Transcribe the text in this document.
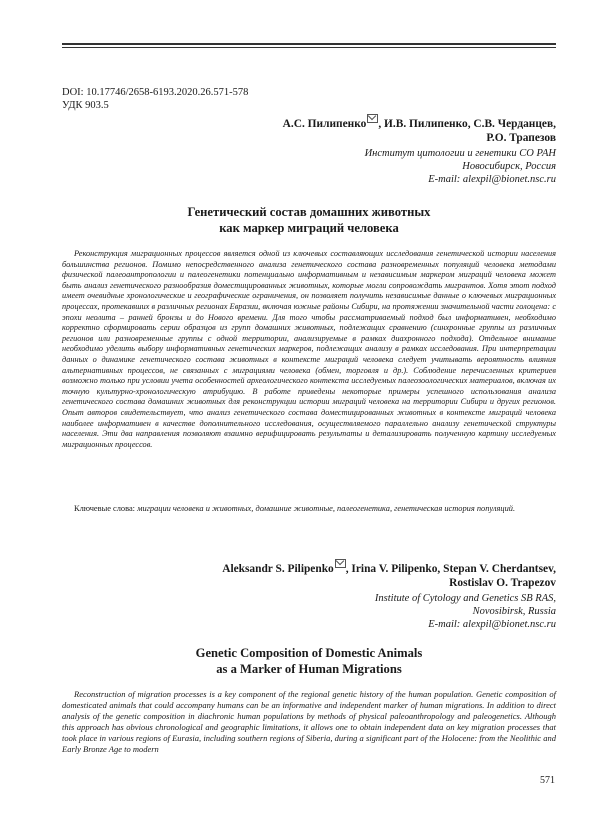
DOI: 10.17746/2658-6193.2020.26.571-578
УДК 903.5
А.С. Пилипенко , И.В. Пилипенко, С.В. Черданцев,
Р.О. Трапезов
Институт цитологии и генетики СО РАН
Новосибирск, Россия
E-mail: alexpil@bionet.nsc.ru
Генетический состав домашних животных
как маркер миграций человека

Реконструкция миграционных процессов является одной из ключевых составляющих исследования генетической истории населения большинства регионов. Помимо непосредственного анализа генетического состава разновременных популяций человека методами физической палеоантропологии и палеогенетики потенциально информативным и независимым маркером миграций человека может быть анализ генетического разнообразия доместицированных животных, которые могли сопровождать мигрантов. Хотя этот подход имеет очевидные хронологические и географические ограничения, он позволяет получить независимые данные о ключевых миграционных процессах, протекавших в различных регионах Евразии, включая южные районы Сибири, на протяжении значительной части голоцена: с эпохи неолита – ранней бронзы и до Нового времени. Для того чтобы рассматриваемый подход был информативен, необходимо корректно сформировать серии образцов из групп домашних животных, подлежащих сравнению (синхронные группы из различных регионов или разновременные группы с одной территории, анализируемые в рамках диахронного подхода). Отдельное внимание необходимо уделить выбору информативных генетических маркеров, подлежащих анализу в рамках исследования. При интерпретации данных о динамике генетического состава животных в контексте миграций человека следует учитывать вероятность влияния альтернативных процессов, не связанных с миграциями человека (обмен, торговля и др.). Соблюдение перечисленных критериев возможно только при условии учета особенностей археологического контекста исследуемых палеозоологических материалов, включая их точную культурно-хронологическую атрибуцию. В работе приведены некоторые примеры успешного использования анализа генетического состава домашних животных для реконструкции истории миграций человека на территории Сибири и других регионов. Опыт авторов свидетельствует, что анализ генетического состава доместицированных животных в контексте миграций человека наиболее информативен в качестве дополнительного исследования, осуществляемого параллельно анализу генетической структуры населения. Эти два направления позволяют взаимно верифицировать результаты и детализировать полученную картину исследуемых миграционных процессов.

Ключевые слова: миграции человека и животных, домашние животные, палеогенетика, генетическая история популяций.
Aleksandr S. Pilipenko , Irina V. Pilipenko, Stepan V. Cherdantsev,
Rostislav O. Trapezov
Institute of Cytology and Genetics SB RAS,
Novosibirsk, Russia
E-mail: alexpil@bionet.nsc.ru
Genetic Composition of Domestic Animals
as a Marker of Human Migrations

Reconstruction of migration processes is a key component of the regional genetic history of the human population. Genetic composition of domesticated animals that could accompany humans can be an informative and independent marker of human migrations. In addition to direct analysis of the genetic composition in diachronic human populations by methods of physical paleoanthropology and paleogenetics. Although this approach has obvious chronological and geographic limitations, it allows one to obtain independent data on key migration processes that took place in various regions of Eurasia, including southern regions of Siberia, during a significant part of the Holocene: from the Neolithic and Early Bronze Age to modern

571
